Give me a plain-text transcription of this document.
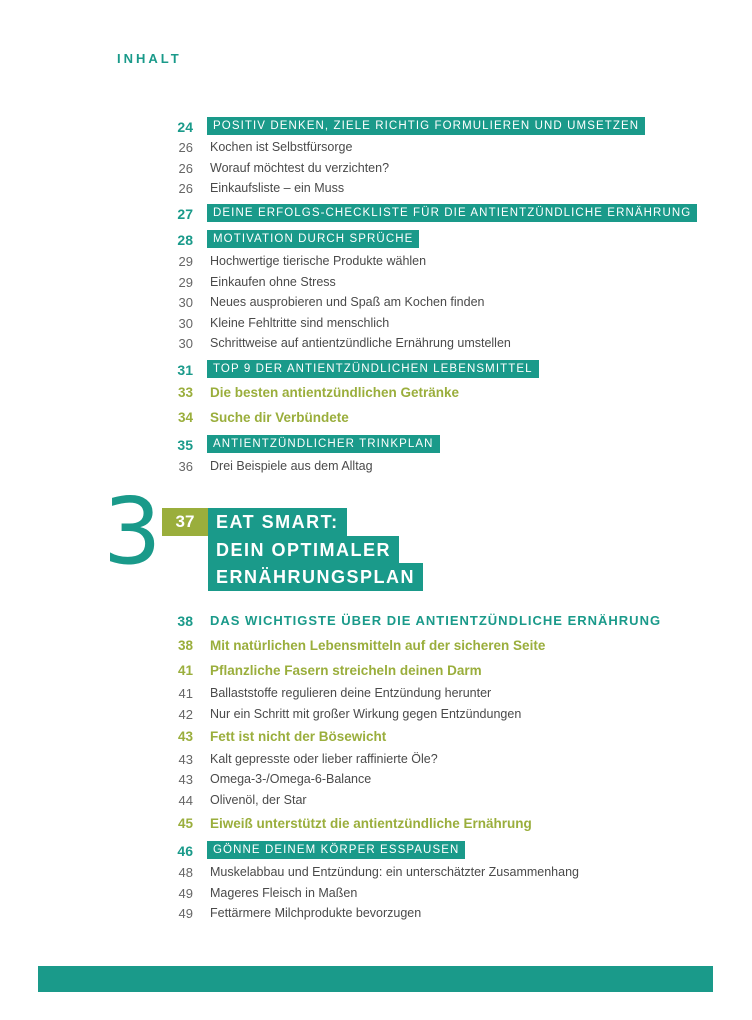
INHALT
24	POSITIV DENKEN, ZIELE RICHTIG FORMULIEREN UND UMSETZEN
26 Kochen ist Selbstfürsorge
26 Worauf möchtest du verzichten?
26 Einkaufsliste – ein Muss
27	DEINE ERFOLGS-CHECKLISTE FÜR DIE ANTIENTZÜNDLICHE ERNÄHRUNG
28	MOTIVATION DURCH SPRÜCHE
29 Hochwertige tierische Produkte wählen
29 Einkaufen ohne Stress
30 Neues ausprobieren und Spaß am Kochen finden
30 Kleine Fehltritte sind menschlich
30 Schrittweise auf antientzündliche Ernährung umstellen
31	TOP 9 DER ANTIENTZÜNDLICHEN LEBENSMITTEL
33 Die besten antientzündlichen Getränke
34 Suche dir Verbündete
35	ANTIENTZÜNDLICHER TRINKPLAN
36 Drei Beispiele aus dem Alltag
3 37	EAT SMART:
DEIN OPTIMALER
ERNÄHRUNGSPLAN
38 DAS WICHTIGSTE ÜBER DIE ANTIENTZÜNDLICHE ERNÄHRUNG
38 Mit natürlichen Lebensmitteln auf der sicheren Seite
41 Pflanzliche Fasern streicheln deinen Darm
41 Ballaststoffe regulieren deine Entzündung herunter
42 Nur ein Schritt mit großer Wirkung gegen Entzündungen
43 Fett ist nicht der Bösewicht
43 Kalt gepresste oder lieber raffinierte Öle?
43 Omega-3-/Omega-6-Balance
44 Olivenöl, der Star
45 Eiweiß unterstützt die antientzündliche Ernährung
46	GÖNNE DEINEM KÖRPER ESSPAUSEN
48 Muskelabbau und Entzündung: ein unterschätzter Zusammenhang
49 Mageres Fleisch in Maßen
49 Fettärmere Milchprodukte bevorzugen
